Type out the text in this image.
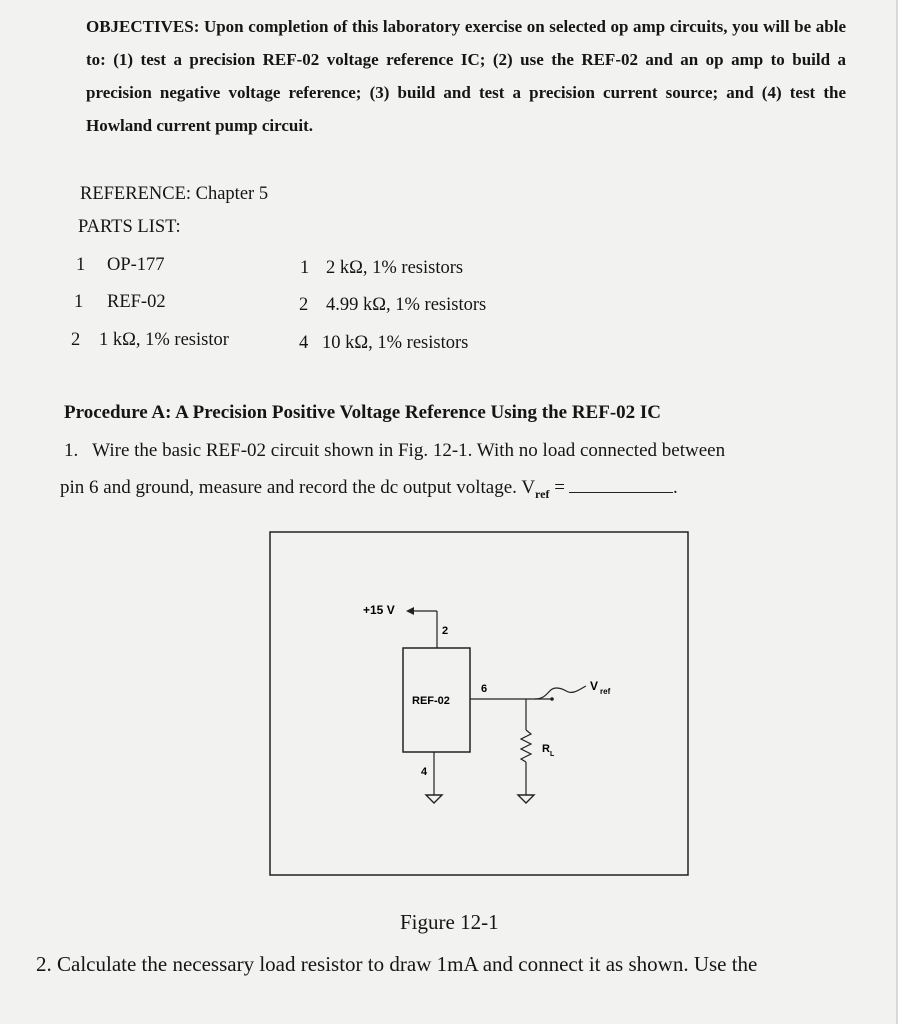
OBJECTIVES: Upon completion of this laboratory exercise on selected op amp circuits, you will be able to: (1) test a precision REF-02 voltage reference IC; (2) use the REF-02 and an op amp to build a precision negative voltage reference; (3) build and test a precision current source; and (4) test the Howland current pump circuit.
REFERENCE: Chapter 5
PARTS LIST:
1 OP-177
1 REF-02
2 1 kΩ, 1% resistor
1 2 kΩ, 1% resistors
2 4.99 kΩ, 1% resistors
4 10 kΩ, 1% resistors
Procedure A: A Precision Positive Voltage Reference Using the REF-02 IC
1. Wire the basic REF-02 circuit shown in Fig. 12-1. With no load connected between
pin 6 and ground, measure and record the dc output voltage. $V_{ref}$ =	.
+15 V
2
REF-02
6	V ref
R L
4
Figure 12-1
2. Calculate the necessary load resistor to draw 1mA and connect it as shown. Use the
